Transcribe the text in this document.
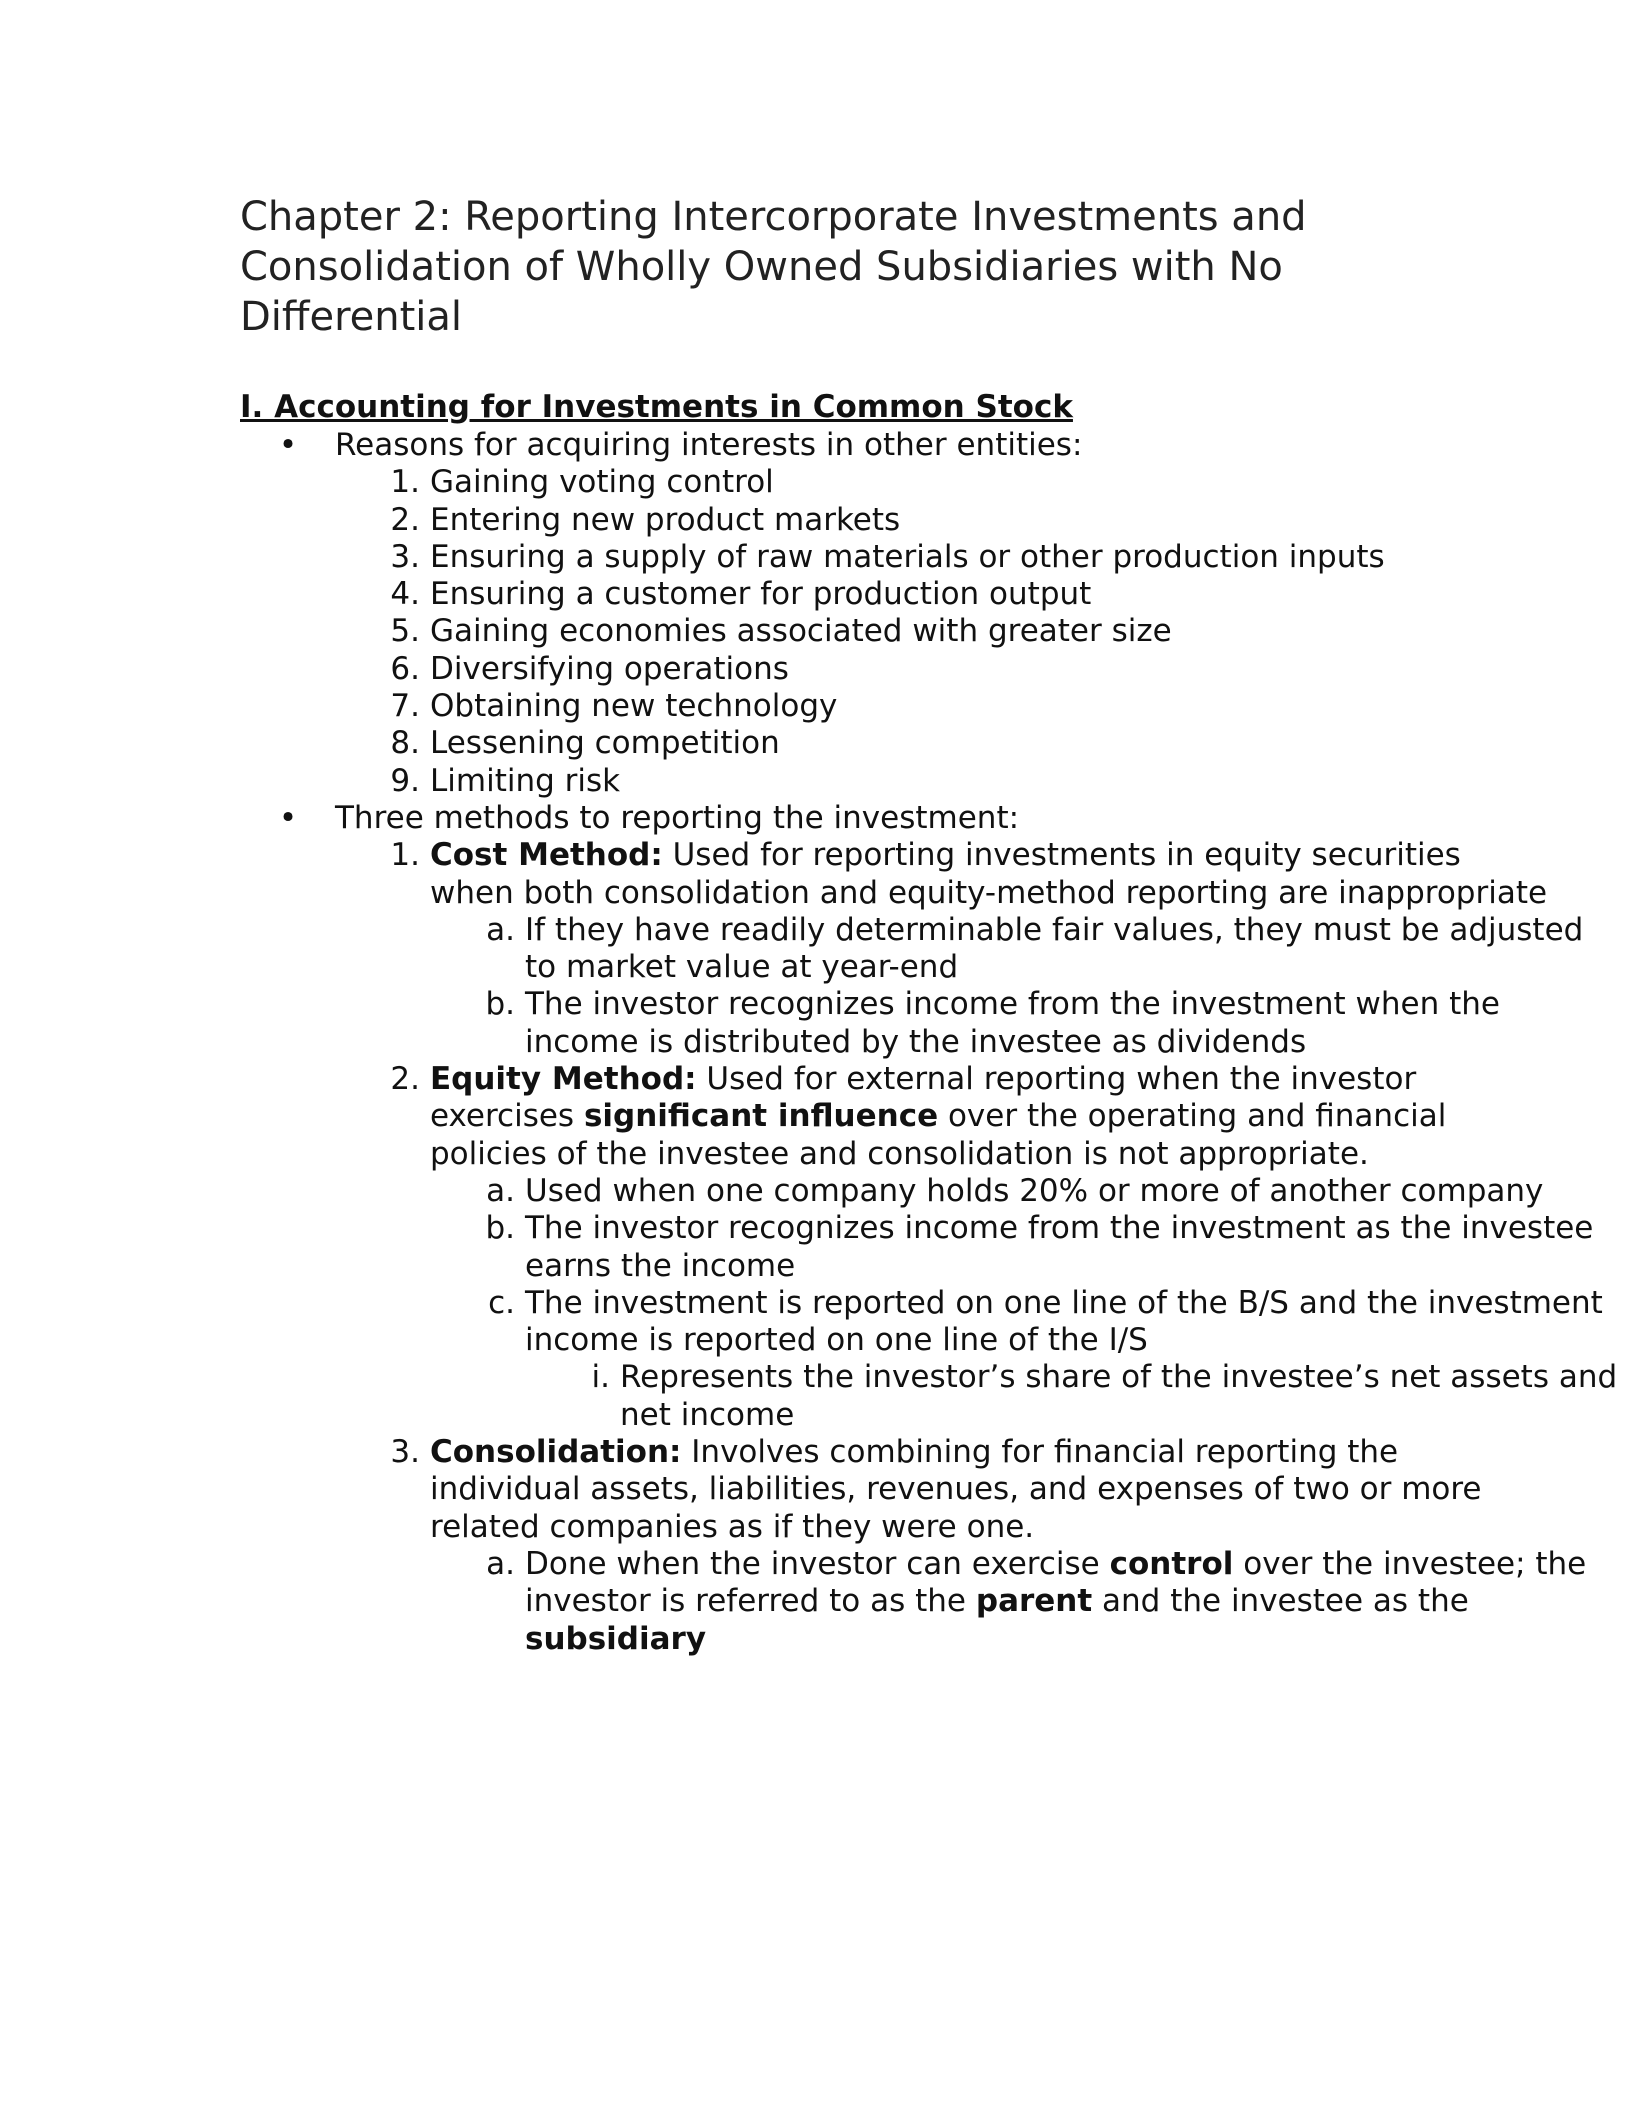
Chapter 2: Reporting Intercorporate Investments and Consolidation of Wholly Owned Subsidiaries with No Differential
I. Accounting for Investments in Common Stock
• Reasons for acquiring interests in other entities:
1. Gaining voting control
2. Entering new product markets
3. Ensuring a supply of raw materials or other production inputs
4. Ensuring a customer for production output
5. Gaining economies associated with greater size
6. Diversifying operations
7. Obtaining new technology
8. Lessening competition
9. Limiting risk
• Three methods to reporting the investment:
1. Cost Method: Used for reporting investments in equity securities when both consolidation and equity-method reporting are inappropriate
a. If they have readily determinable fair values, they must be adjusted to market value at year-end
b. The investor recognizes income from the investment when the income is distributed by the investee as dividends
2. Equity Method: Used for external reporting when the investor exercises significant influence over the operating and financial policies of the investee and consolidation is not appropriate.
a. Used when one company holds 20% or more of another company
b. The investor recognizes income from the investment as the investee earns the income
c. The investment is reported on one line of the B/S and the investment income is reported on one line of the I/S
i. Represents the investor’s share of the investee’s net assets and net income
3. Consolidation: Involves combining for financial reporting the individual assets, liabilities, revenues, and expenses of two or more related companies as if they were one.
a. Done when the investor can exercise control over the investee; the investor is referred to as the parent and the investee as the subsidiary
